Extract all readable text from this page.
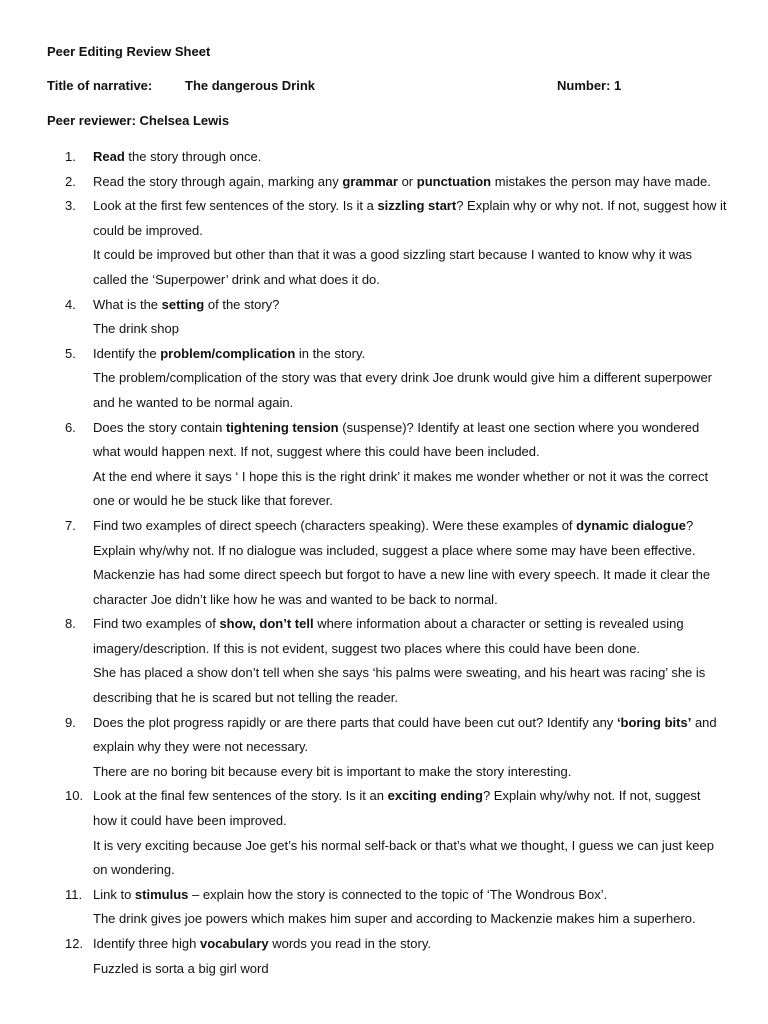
Peer Editing Review Sheet
Title of narrative:	The dangerous Drink	Number: 1
Peer reviewer: Chelsea Lewis
1. Read the story through once.
2. Read the story through again, marking any grammar or punctuation mistakes the person may have made.
3. Look at the first few sentences of the story. Is it a sizzling start? Explain why or why not. If not, suggest how it could be improved.
It could be improved but other than that it was a good sizzling start because I wanted to know why it was called the ‘Superpower’ drink and what does it do.
4. What is the setting of the story?
The drink shop
5. Identify the problem/complication in the story.
The problem/complication of the story was that every drink Joe drunk would give him a different superpower and he wanted to be normal again.
6. Does the story contain tightening tension (suspense)? Identify at least one section where you wondered what would happen next. If not, suggest where this could have been included.
At the end where it says ‘ I hope this is the right drink’ it makes me wonder whether or not it was the correct one or would he be stuck like that forever.
7. Find two examples of direct speech (characters speaking). Were these examples of dynamic dialogue? Explain why/why not. If no dialogue was included, suggest a place where some may have been effective.
Mackenzie has had some direct speech but forgot to have a new line with every speech. It made it clear the character Joe didn’t like how he was and wanted to be back to normal.
8. Find two examples of show, don’t tell where information about a character or setting is revealed using imagery/description. If this is not evident, suggest two places where this could have been done.
She has placed a show don’t tell when she says ‘his palms were sweating, and his heart was racing’ she is describing that he is scared but not telling the reader.
9. Does the plot progress rapidly or are there parts that could have been cut out? Identify any ‘boring bits’ and explain why they were not necessary.
There are no boring bit because every bit is important to make the story interesting.
10. Look at the final few sentences of the story. Is it an exciting ending? Explain why/why not. If not, suggest how it could have been improved.
It is very exciting because Joe get’s his normal self-back or that’s what we thought, I guess we can just keep on wondering.
11. Link to stimulus – explain how the story is connected to the topic of ‘The Wondrous Box’.
The drink gives joe powers which makes him super and according to Mackenzie makes him a superhero.
12. Identify three high vocabulary words you read in the story.
Fuzzled is sorta a big girl word
